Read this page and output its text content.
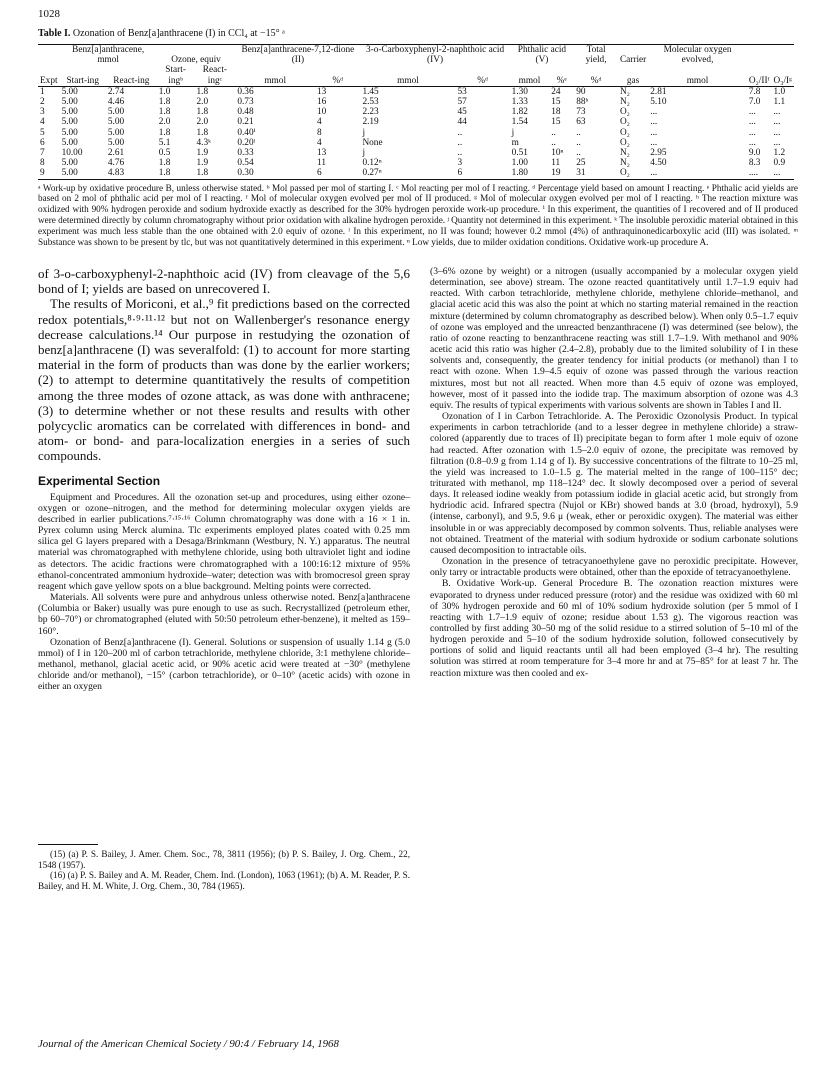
1028
Table I. Ozonation of Benz[a]anthracene (I) in CCl₄ at −15° ᵃ
	Benz[a]anthracene, mmol		Ozone, equiv		Benz[a]anthracene-7,12-dione (II)		3-o-Carboxyphenyl-2-naphthoic acid (IV)		Phthalic acid (V)		Total yield,	Carrier	Molecular oxygen evolved,		
Expt	Start-ing	React-ing	Start-ingᵇ	React-ingᶜ	mmol	%ᵈ	mmol	%ᵈ	mmol	%ᵉ	%ᵈ	gas	mmol	O₂/IIᶠ	O₃/Iᵍ
1	5.00	2.74	1.0	1.8	0.36	13	1.45	53	1.30	24	90	N₂	2.81	7.8	1.0
2	5.00	4.46	1.8	2.0	0.73	16	2.53	57	1.33	15	88ʰ	N₂	5.10	7.0	1.1
3	5.00	5.00	1.8	1.8	0.48	10	2.23	45	1.82	18	73	O₂	...	...	...
4	5.00	5.00	2.0	2.0	0.21	4	2.19	44	1.54	15	63	O₂	...	...	...
5	5.00	5.00	1.8	1.8	0.40ⁱ	8	j	..	j	..	..	O₂	...	...	...
6	5.00	5.00	5.1	4.3ᵏ	0.20ˡ	4	None	..	m	..	..	O₂	...	...	...
7	10.00	2.61	0.5	1.9	0.33	13	j	..	0.51	10ⁿ	..	N₂	2.95	9.0	1.2
8	5.00	4.76	1.8	1.9	0.54	11	0.12ⁿ	3	1.00	11	25	N₂	4.50	8.3	0.9
9	5.00	4.83	1.8	1.8	0.30	6	0.27ⁿ	6	1.80	19	31	O₂	...	....	...
ᵃ Work-up by oxidative procedure B, unless otherwise stated. ᵇ Mol passed per mol of starting I. ᶜ Mol reacting per mol of I reacting. ᵈ Percentage yield based on amount I reacting. ᵉ Phthalic acid yields are based on 2 mol of phthalic acid per mol of I reacting. ᶠ Mol of molecular oxygen evolved per mol of II produced. ᵍ Mol of molecular oxygen evolved per mol of I reacting. ʰ The reaction mixture was oxidized with 90% hydrogen peroxide and sodium hydroxide exactly as described for the 30% hydrogen peroxide work-up procedure. ⁱ In this experiment, the quantities of I recovered and of II produced were determined directly by column chromatography without prior oxidation with alkaline hydrogen peroxide. ʲ Quantity not determined in this experiment. ᵏ The insoluble peroxidic material obtained in this experiment was much less stable than the one obtained with 2.0 equiv of ozone. ˡ In this experiment, no II was found; however 0.2 mmol (4%) of anthraquinonedicarboxylic acid (III) was isolated. ᵐ Substance was shown to be present by tlc, but was not quantitatively determined in this experiment. ⁿ Low yields, due to milder oxidation conditions. Oxidative work-up procedure A.

of 3-o-carboxyphenyl-2-naphthoic acid (IV) from cleavage of the 5,6 bond of I; yields are based on unrecovered I.

The results of Moriconi, et al.,⁹ fit predictions based on the corrected redox potentials,⁸·⁹·¹¹·¹² but not on Wallenberger's resonance energy decrease calculations.¹⁴ Our purpose in restudying the ozonation of benz[a]anthracene (I) was severalfold: (1) to account for more starting material in the form of products than was done by the earlier workers; (2) to attempt to determine quantitatively the results of competition among the three modes of ozone attack, as was done with anthracene; (3) to determine whether or not these results and results with other polycyclic aromatics can be correlated with differences in bond- and atom- or bond- and para-localization energies in a series of such compounds.

Experimental Section

Equipment and Procedures. All the ozonation set-up and procedures, using either ozone–oxygen or ozone–nitrogen, and the method for determining molecular oxygen yields are described in earlier publications.⁷·¹⁵·¹⁶ Column chromatography was done with a 16 × 1 in. Pyrex column using Merck alumina. Tlc experiments employed plates coated with 0.25 mm silica gel G layers prepared with a Desaga/Brinkmann (Westbury, N. Y.) apparatus. The neutral material was chromatographed with methylene chloride, using both ultraviolet light and iodine as detectors. The acidic fractions were chromatographed with a 100:16:12 mixture of 95% ethanol-concentrated ammonium hydroxide–water; detection was with bromocresol green spray reagent which gave yellow spots on a blue background. Melting points were corrected.

Materials. All solvents were pure and anhydrous unless otherwise noted. Benz[a]anthracene (Columbia or Baker) usually was pure enough to use as such. Recrystallized (petroleum ether, bp 60–70°) or chromatographed (eluted with 50:50 petroleum ether-benzene), it melted as 159–160°.

Ozonation of Benz[a]anthracene (I). General. Solutions or suspension of usually 1.14 g (5.0 mmol) of I in 120–200 ml of carbon tetrachloride, methylene chloride, 3:1 methylene chloride–methanol, methanol, glacial acetic acid, or 90% acetic acid were treated at −30° (methylene chloride and/or methanol), −15° (carbon tetrachloride), or 0–10° (acetic acids) with ozone in either an oxygen

(15) (a) P. S. Bailey, J. Amer. Chem. Soc., 78, 3811 (1956); (b) P. S. Bailey, J. Org. Chem., 22, 1548 (1957).

(16) (a) P. S. Bailey and A. M. Reader, Chem. Ind. (London), 1063 (1961); (b) A. M. Reader, P. S. Bailey, and H. M. White, J. Org. Chem., 30, 784 (1965).

(3–6% ozone by weight) or a nitrogen (usually accompanied by a molecular oxygen yield determination, see above) stream. The ozone reacted quantitatively until 1.7–1.9 equiv had reacted. With carbon tetrachloride, methylene chloride, methylene chloride–methanol, and glacial acetic acid this was also the point at which no starting material remained in the reaction mixture (determined by column chromatography as described below). When only 0.5–1.7 equiv of ozone was employed and the unreacted benzanthracene (I) was determined (see below), the ratio of ozone reacting to benzanthracene reacting was still 1.7–1.9. With methanol and 90% acetic acid this ratio was higher (2.4–2.8), probably due to the limited solubility of I in these solvents and, consequently, the greater tendency for initial products (or methanol) than I to react with ozone. When 1.9–4.5 equiv of ozone was passed through the various reaction mixtures, most but not all reacted. When more than 4.5 equiv of ozone was employed, however, most of it passed into the iodide trap. The maximum absorption of ozone was 4.3 equiv. The results of typical experiments with various solvents are shown in Tables I and II.

Ozonation of I in Carbon Tetrachloride. A. The Peroxidic Ozonolysis Product. In typical experiments in carbon tetrachloride (and to a lesser degree in methylene chloride) a straw-colored (apparently due to traces of II) precipitate began to form after 1 mole equiv of ozone had reacted. After ozonation with 1.5–2.0 equiv of ozone, the precipitate was removed by filtration (0.8–0.9 g from 1.14 g of I). By successive concentrations of the filtrate to 10–25 ml, the yield was increased to 1.0–1.5 g. The material melted in the range of 100–115° dec; triturated with methanol, mp 118–124° dec. It slowly decomposed over a period of several days. It released iodine weakly from potassium iodide in glacial acetic acid, but strongly from hydriodic acid. Infrared spectra (Nujol or KBr) showed bands at 3.0 (broad, hydroxyl), 5.9 (intense, carbonyl), and 9.5, 9.6 μ (weak, ether or peroxidic oxygen). The material was either insoluble in or was appreciably decomposed by common solvents. Thus, reliable analyses were not obtained. Treatment of the material with sodium hydroxide or sodium carbonate solutions caused decomposition to intractable oils.

Ozonation in the presence of tetracyanoethylene gave no peroxidic precipitate. However, only tarry or intractable products were obtained, other than the epoxide of tetracyanoethylene.

B. Oxidative Work-up. General Procedure B. The ozonation reaction mixtures were evaporated to dryness under reduced pressure (rotor) and the residue was oxidized with 60 ml of 30% hydrogen peroxide and 60 ml of 10% sodium hydroxide solution (per 5 mmol of I reacting with 1.7–1.9 equiv of ozone; residue about 1.53 g). The vigorous reaction was controlled by first adding 30–50 mg of the solid residue to a stirred solution of 5–10 ml of the hydrogen peroxide and 5–10 of the sodium hydroxide solution, followed consecutively by portions of solid and liquid reactants until all had been employed (3–4 hr). The resulting solution was stirred at room temperature for 3–4 more hr and at 75–85° for at least 7 hr. The reaction mixture was then cooled and ex-

Journal of the American Chemical Society / 90:4 / February 14, 1968
